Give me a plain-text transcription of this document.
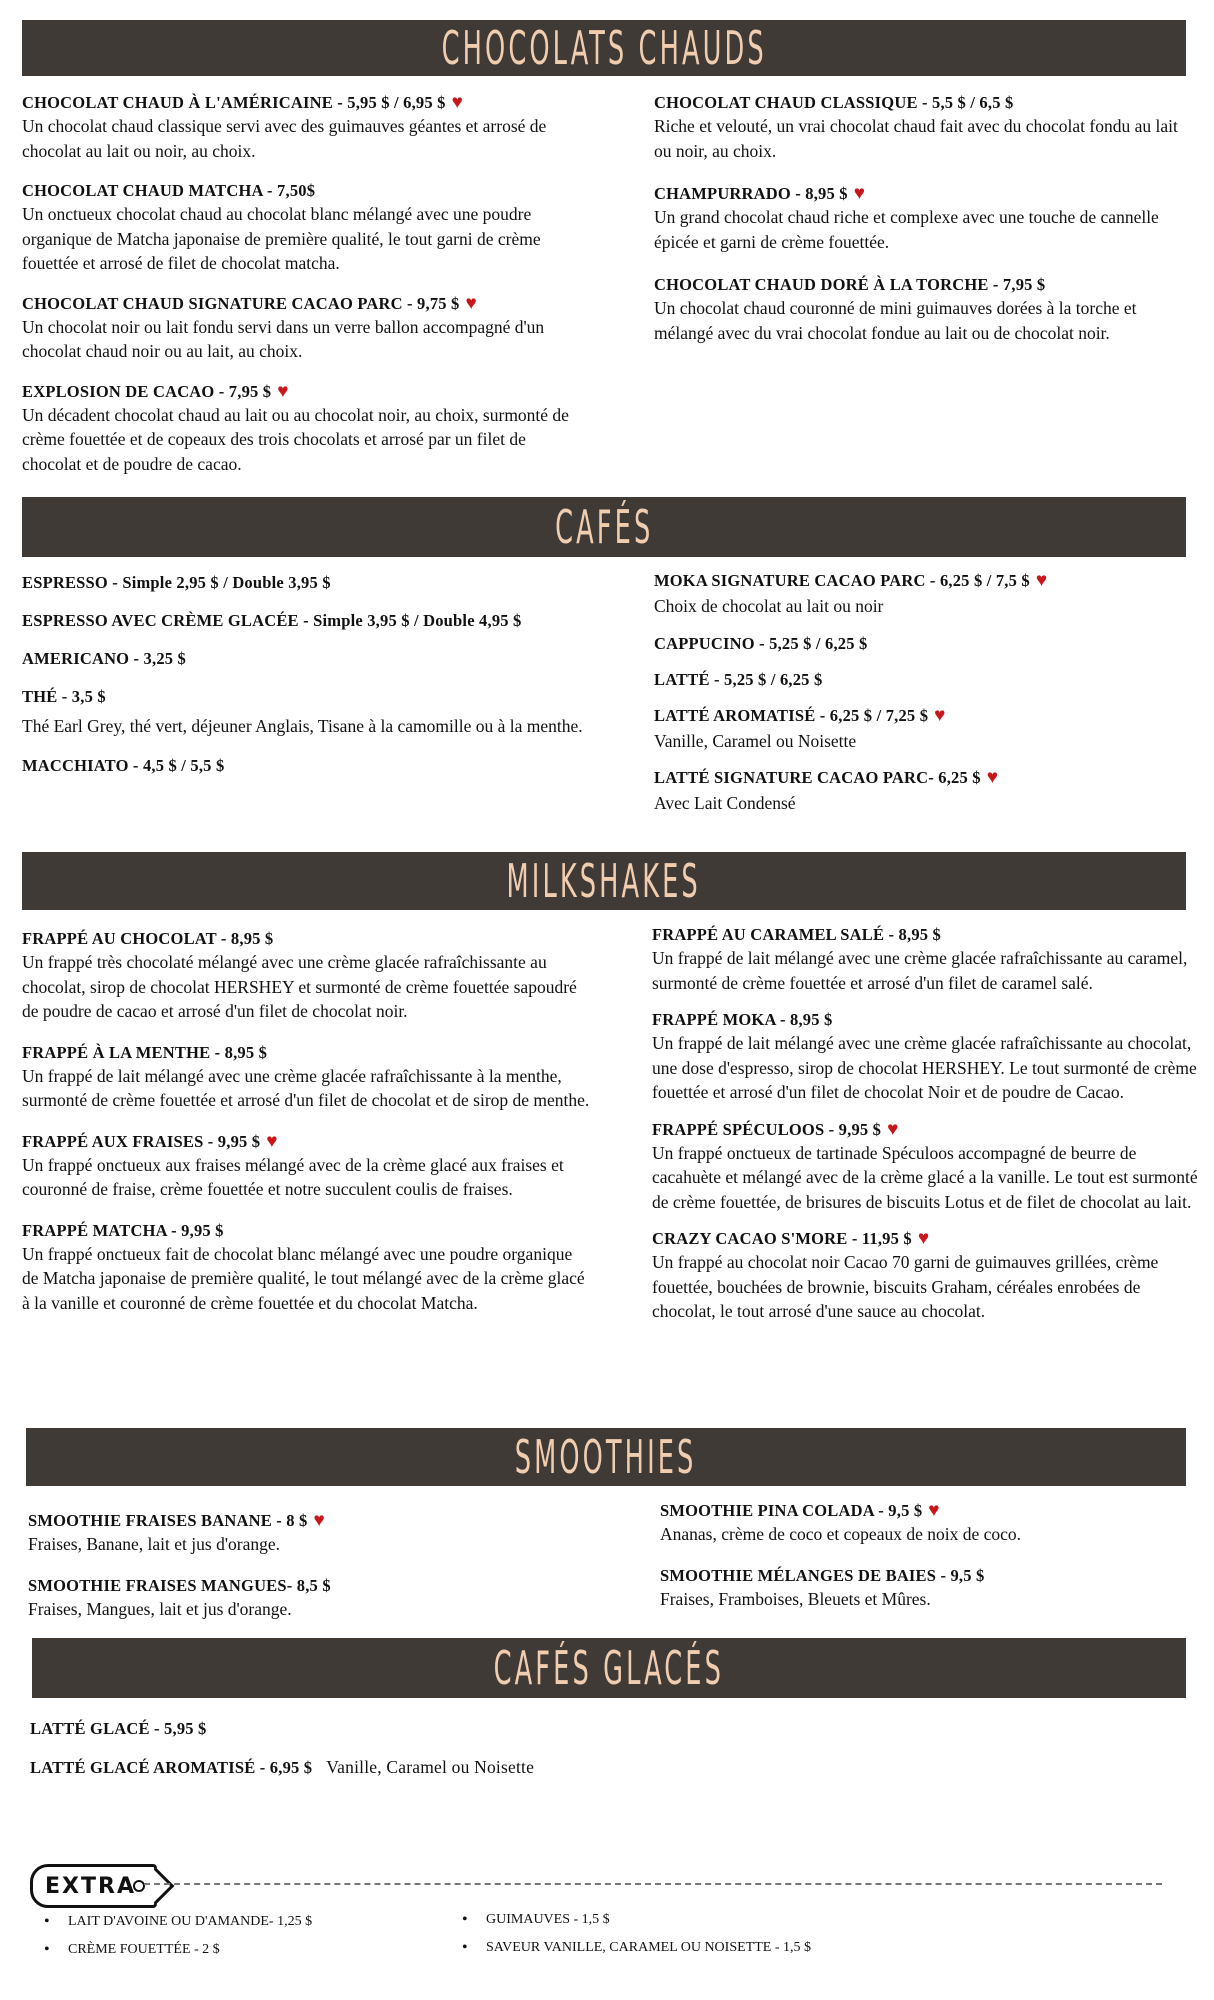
CHOCOLATS CHAUDS
CHOCOLAT CHAUD À L'AMÉRICAINE - 5,95 $ / 6,95 $ ♥
Un chocolat chaud classique servi avec des guimauves géantes et arrosé de chocolat au lait ou noir, au choix.
CHOCOLAT CHAUD MATCHA - 7,50$
Un onctueux chocolat chaud au chocolat blanc mélangé avec une poudre organique de Matcha japonaise de première qualité, le tout garni de crème fouettée et arrosé de filet de chocolat matcha.
CHOCOLAT CHAUD SIGNATURE CACAO PARC - 9,75 $ ♥
Un chocolat noir ou lait fondu servi dans un verre ballon accompagné d'un chocolat chaud noir ou au lait, au choix.
EXPLOSION DE CACAO - 7,95 $ ♥
Un décadent chocolat chaud au lait ou au chocolat noir, au choix, surmonté de crème fouettée et de copeaux des trois chocolats et arrosé par un filet de chocolat et de poudre de cacao.
CHOCOLAT CHAUD CLASSIQUE - 5,5 $ / 6,5 $
Riche et velouté, un vrai chocolat chaud fait avec du chocolat fondu au lait ou noir, au choix.
CHAMPURRADO - 8,95 $ ♥
Un grand chocolat chaud riche et complexe avec une touche de cannelle épicée et garni de crème fouettée.
CHOCOLAT CHAUD DORÉ À LA TORCHE - 7,95 $
Un chocolat chaud couronné de mini guimauves dorées à la torche et mélangé avec du vrai chocolat fondue au lait ou de chocolat noir.
CAFÉS
ESPRESSO - Simple 2,95 $ / Double 3,95 $
ESPRESSO AVEC CRÈME GLACÉE - Simple 3,95 $ / Double 4,95 $
AMERICANO - 3,25 $
THÉ - 3,5 $
Thé Earl Grey, thé vert, déjeuner Anglais, Tisane à la camomille ou à la menthe.
MACCHIATO - 4,5 $ / 5,5 $
MOKA SIGNATURE CACAO PARC - 6,25 $ / 7,5 $ ♥
Choix de chocolat au lait ou noir
CAPPUCINO - 5,25 $ / 6,25 $
LATTÉ - 5,25 $ / 6,25 $
LATTÉ AROMATISÉ - 6,25 $ / 7,25 $ ♥
Vanille, Caramel ou Noisette
LATTÉ SIGNATURE CACAO PARC- 6,25 $ ♥
Avec Lait Condensé
MILKSHAKES
FRAPPÉ AU CHOCOLAT - 8,95 $
Un frappé très chocolaté mélangé avec une crème glacée rafraîchissante au chocolat, sirop de chocolat HERSHEY et surmonté de crème fouettée sapoudré de poudre de cacao et arrosé d'un filet de chocolat noir.
FRAPPÉ À LA MENTHE - 8,95 $
Un frappé de lait mélangé avec une crème glacée rafraîchissante à la menthe, surmonté de crème fouettée et arrosé d'un filet de chocolat et de sirop de menthe.
FRAPPÉ AUX FRAISES - 9,95 $ ♥
Un frappé onctueux aux fraises mélangé avec de la crème glacé aux fraises et couronné de fraise, crème fouettée et notre succulent coulis de fraises.
FRAPPÉ MATCHA - 9,95 $
Un frappé onctueux fait de chocolat blanc mélangé avec une poudre organique de Matcha japonaise de première qualité, le tout mélangé avec de la crème glacé à la vanille et couronné de crème fouettée et du chocolat Matcha.
FRAPPÉ AU CARAMEL SALÉ - 8,95 $
Un frappé de lait mélangé avec une crème glacée rafraîchissante au caramel, surmonté de crème fouettée et arrosé d'un filet de caramel salé.
FRAPPÉ MOKA - 8,95 $
Un frappé de lait mélangé avec une crème glacée rafraîchissante au chocolat, une dose d'espresso, sirop de chocolat HERSHEY. Le tout surmonté de crème fouettée et arrosé d'un filet de chocolat Noir et de poudre de Cacao.
FRAPPÉ SPÉCULOOS - 9,95 $ ♥
Un frappé onctueux de tartinade Spéculoos accompagné de beurre de cacahuète et mélangé avec de la crème glacé a la vanille. Le tout est surmonté de crème fouettée, de brisures de biscuits Lotus et de filet de chocolat au lait.
CRAZY CACAO S'MORE - 11,95 $ ♥
Un frappé au chocolat noir Cacao 70 garni de guimauves grillées, crème fouettée, bouchées de brownie, biscuits Graham, céréales enrobées de chocolat, le tout arrosé d'une sauce au chocolat.
SMOOTHIES
SMOOTHIE FRAISES BANANE - 8 $ ♥
Fraises, Banane, lait et jus d'orange.
SMOOTHIE FRAISES MANGUES- 8,5 $
Fraises, Mangues, lait et jus d'orange.
SMOOTHIE PINA COLADA - 9,5 $ ♥
Ananas, crème de coco et copeaux de noix de coco.
SMOOTHIE MÉLANGES DE BAIES - 9,5 $
Fraises, Framboises, Bleuets et Mûres.
CAFÉS GLACÉS
LATTÉ GLACÉ - 5,95 $
LATTÉ GLACÉ AROMATISÉ - 6,95 $ Vanille, Caramel ou Noisette
EXTRA
• LAIT D'AVOINE OU D'AMANDE- 1,25 $
• CRÈME FOUETTÉE - 2 $
• GUIMAUVES - 1,5 $
• SAVEUR VANILLE, CARAMEL OU NOISETTE - 1,5 $
